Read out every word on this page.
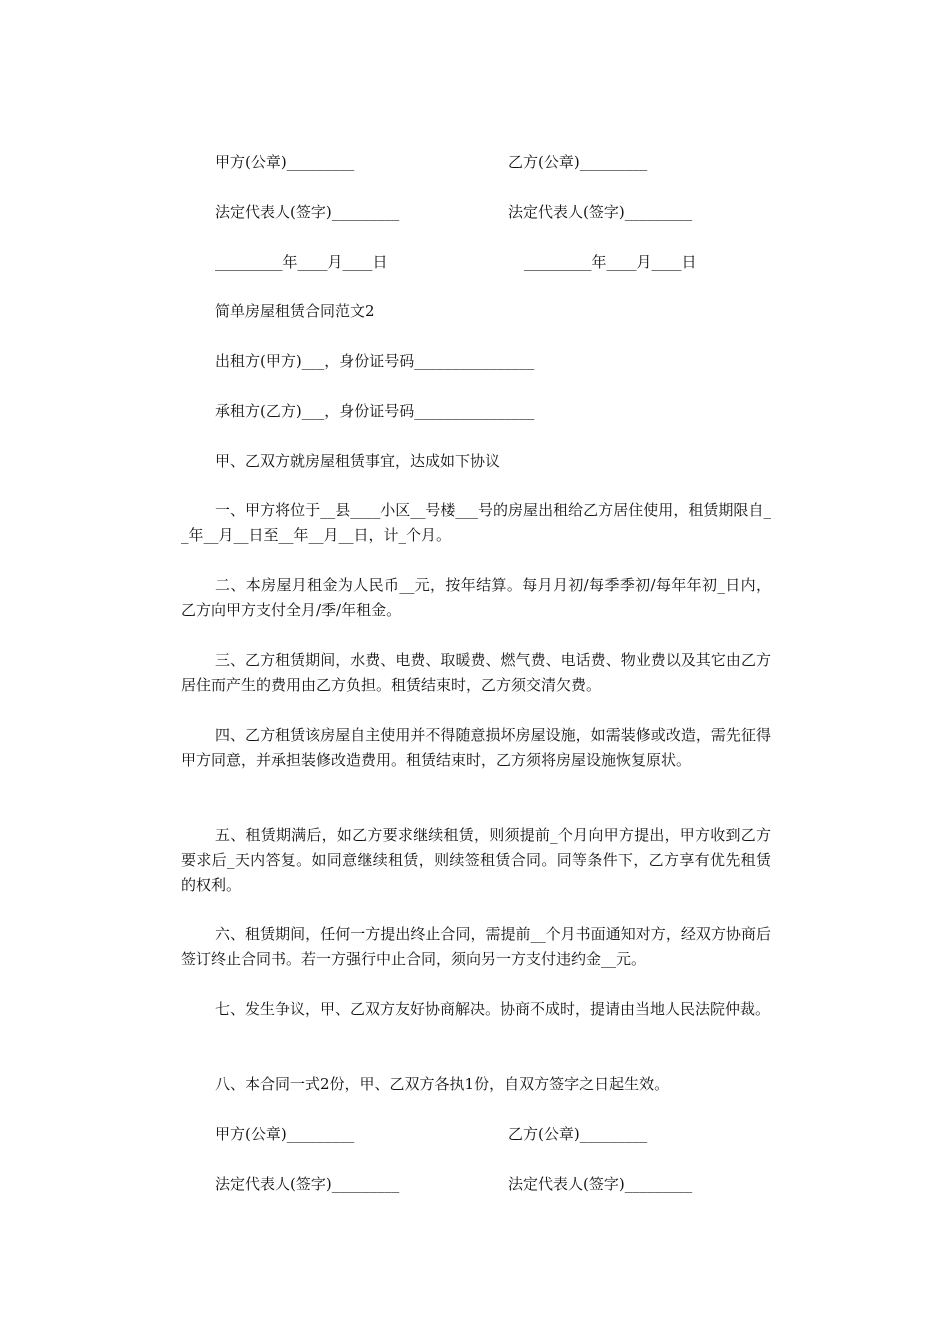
甲方(公章)_________	乙方(公章)_________
法定代表人(签字)_________	法定代表人(签字)_________
_________年____月____日	_________年____月____日
简单房屋租赁合同范文2
出租方(甲方)___，身份证号码________________
承租方(乙方)___，身份证号码________________
甲、乙双方就房屋租赁事宜，达成如下协议
一、甲方将位于__县____小区__号楼___号的房屋出租给乙方居住使用，租赁期限自__年__月__日至__年__月__日，计_个月。
二、本房屋月租金为人民币__元，按年结算。每月月初/每季季初/每年年初_日内，乙方向甲方支付全月/季/年租金。
三、乙方租赁期间，水费、电费、取暖费、燃气费、电话费、物业费以及其它由乙方居住而产生的费用由乙方负担。租赁结束时，乙方须交清欠费。
四、乙方租赁该房屋自主使用并不得随意损坏房屋设施，如需装修或改造，需先征得甲方同意，并承担装修改造费用。租赁结束时，乙方须将房屋设施恢复原状。
五、租赁期满后，如乙方要求继续租赁，则须提前_个月向甲方提出，甲方收到乙方要求后_天内答复。如同意继续租赁，则续签租赁合同。同等条件下，乙方享有优先租赁的权利。
六、租赁期间，任何一方提出终止合同，需提前__个月书面通知对方，经双方协商后签订终止合同书。若一方强行中止合同，须向另一方支付违约金__元。
七、发生争议，甲、乙双方友好协商解决。协商不成时，提请由当地人民法院仲裁。
八、本合同一式2份，甲、乙双方各执1份，自双方签字之日起生效。
甲方(公章)_________	乙方(公章)_________
法定代表人(签字)_________	法定代表人(签字)_________
